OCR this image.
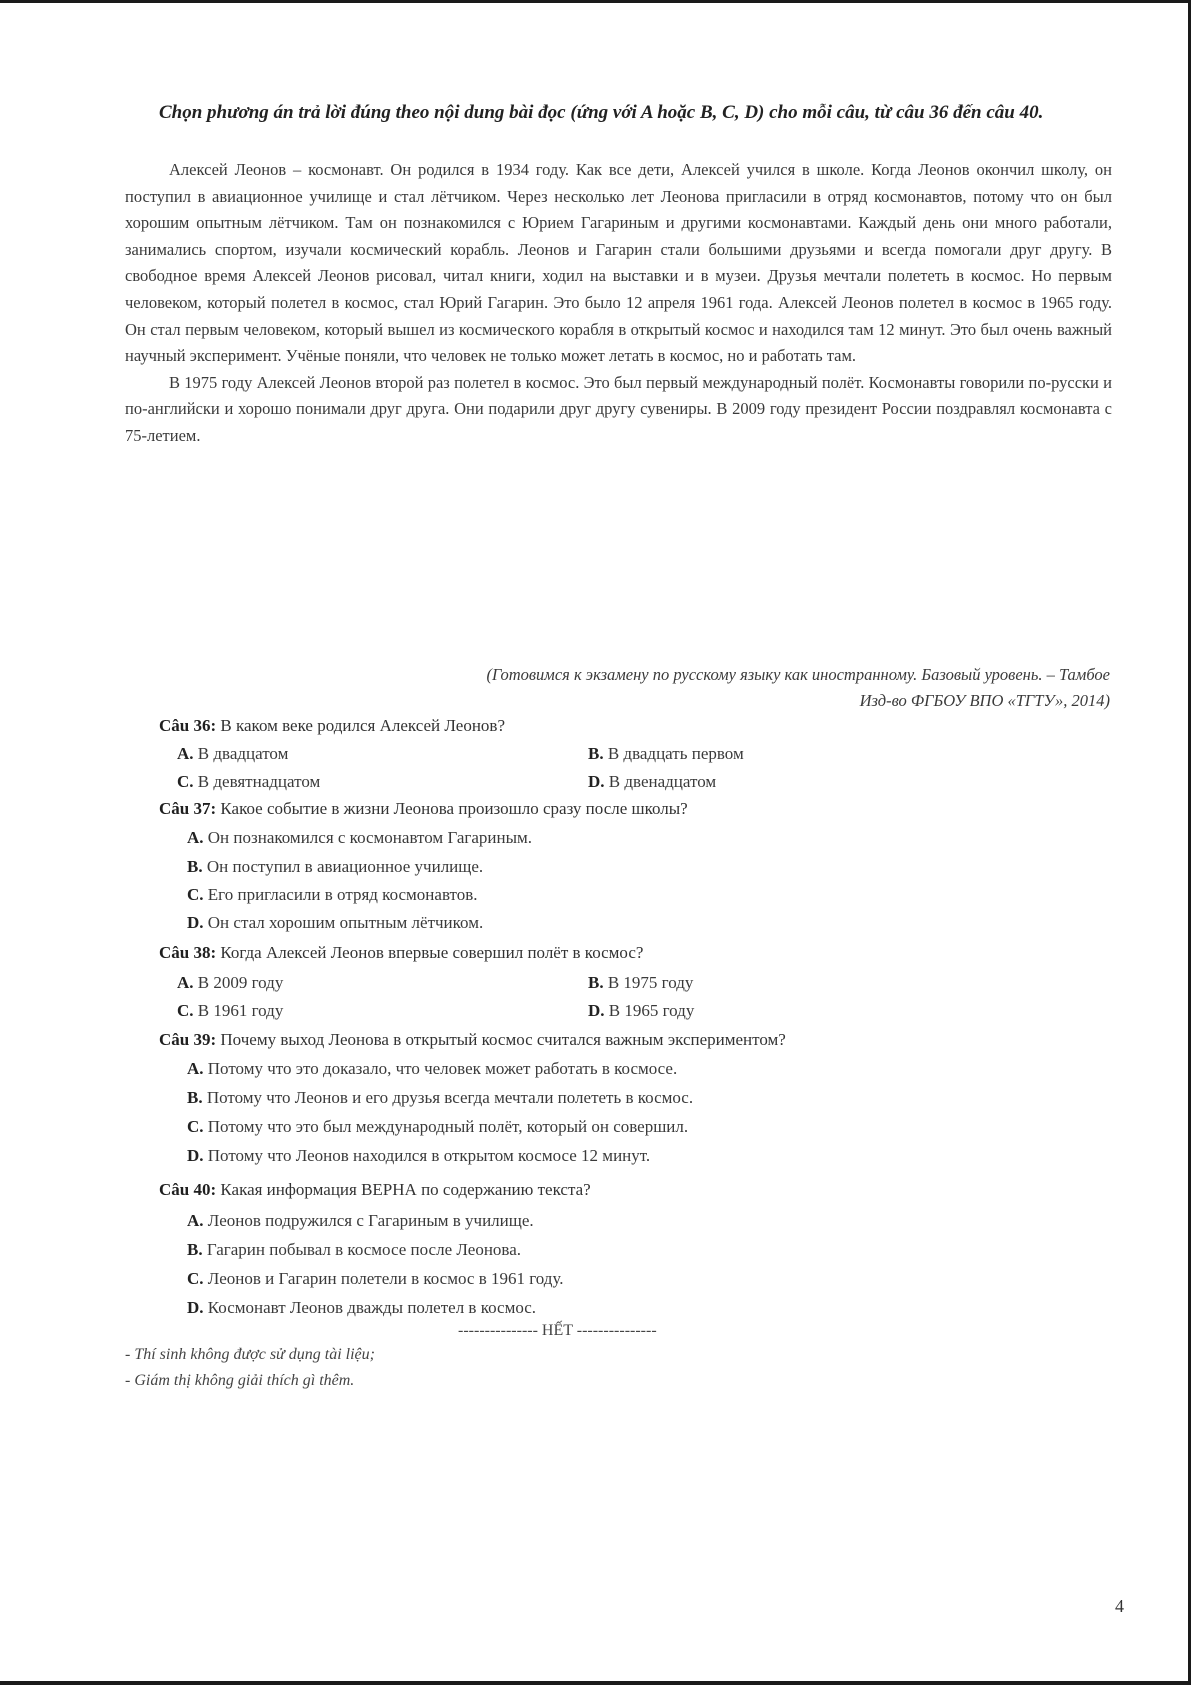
Chọn phương án trả lời đúng theo nội dung bài đọc (ứng với A hoặc B, C, D) cho mỗi câu, từ câu 36 đến câu 40.

Алексей Леонов – космонавт. Он родился в 1934 году. Как все дети, Алексей учился в школе. Когда Леонов окончил школу, он поступил в авиационное училище и стал лётчиком. Через несколько лет Леонова пригласили в отряд космонавтов, потому что он был хорошим опытным лётчиком. Там он познакомился с Юрием Гагариным и другими космонавтами. Каждый день они много работали, занимались спортом, изучали космический корабль. Леонов и Гагарин стали большими друзьями и всегда помогали друг другу. В свободное время Алексей Леонов рисовал, читал книги, ходил на выставки и в музеи. Друзья мечтали полететь в космос. Но первым человеком, который полетел в космос, стал Юрий Гагарин. Это было 12 апреля 1961 года. Алексей Леонов полетел в космос в 1965 году. Он стал первым человеком, который вышел из космического корабля в открытый космос и находился там 12 минут. Это был очень важный научный эксперимент. Учёные поняли, что человек не только может летать в космос, но и работать там.

В 1975 году Алексей Леонов второй раз полетел в космос. Это был первый международный полёт. Космонавты говорили по-русски и по-английски и хорошо понимали друг друга. Они подарили друг другу сувениры. В 2009 году президент России поздравлял космонавта с 75-летием.

(Готовимся к экзамену по русскому языку как иностранному. Базовый уровень. – Тамбое
Изд-во ФГБОУ ВПО «ТГТУ», 2014)
Câu 36: В каком веке родился Алексей Леонов?
A. В двадцатом	B. В двадцать первом
C. В девятнадцатом	D. В двенадцатом
Câu 37: Какое событие в жизни Леонова произошло сразу после школы?
A. Он познакомился с космонавтом Гагариным.
B. Он поступил в авиационное училище.
C. Его пригласили в отряд космонавтов.
D. Он стал хорошим опытным лётчиком.
Câu 38: Когда Алексей Леонов впервые совершил полёт в космос?
A. В 2009 году	B. В 1975 году
C. В 1961 году	D. В 1965 году
Câu 39: Почему выход Леонова в открытый космос считался важным экспериментом?
A. Потому что это доказало, что человек может работать в космосе.
B. Потому что Леонов и его друзья всегда мечтали полететь в космос.
C. Потому что это был международный полёт, который он совершил.
D. Потому что Леонов находился в открытом космосе 12 минут.
Câu 40: Какая информация ВЕРНА по содержанию текста?
A. Леонов подружился с Гагариным в училище.
B. Гагарин побывал в космосе после Леонова.
C. Леонов и Гагарин полетели в космос в 1961 году.
D. Космонавт Леонов дважды полетел в космос.
--------------- HẾT ---------------
- Thí sinh không được sử dụng tài liệu;
- Giám thị không giải thích gì thêm.
4
